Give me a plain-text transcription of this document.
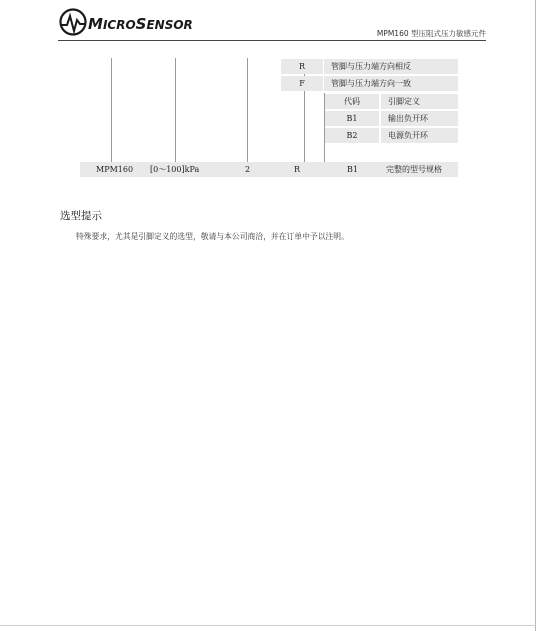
MICROSENSOR
MPM160 型压阻式压力敏感元件
R	管脚与压力端方向相反
F	管脚与压力端方向一致
代码	引脚定义
B1	输出负开环
B2	电源负开环
MPM160 [0～100]kPa	2	R	B1	完整的型号规格
选型提示
特殊要求，尤其是引脚定义的选型，敬请与本公司商洽，并在订单中予以注明。
